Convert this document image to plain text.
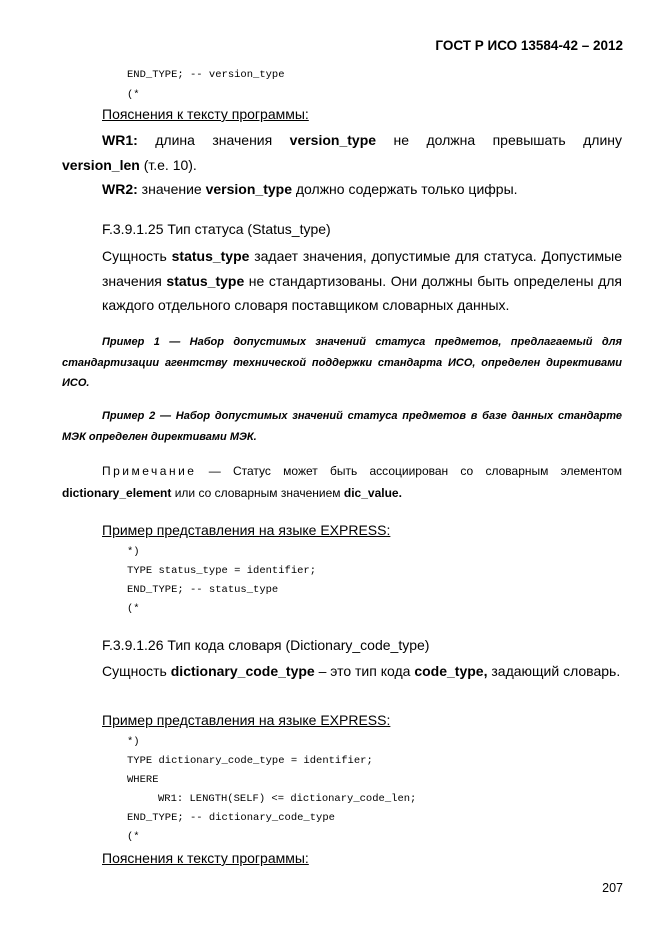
ГОСТ Р ИСО 13584-42 – 2012
END_TYPE; -- version_type
(*
Пояснения к тексту программы:
WR1: длина значения version_type не должна превышать длину
version_len (т.е. 10).
WR2: значение version_type должно содержать только цифры.
F.3.9.1.25 Тип статуса (Status_type)
Сущность status_type задает значения, допустимые для статуса. Допустимые значения status_type не стандартизованы. Они должны быть определены для каждого отдельного словаря поставщиком словарных данных.
Пример 1 — Набор допустимых значений статуса предметов, предлагаемый для стандартизации агентству технической поддержки стандарта ИСО, определен директивами ИСО.
Пример 2 — Набор допустимых значений статуса предметов в базе данных стандарте МЭК определен директивами МЭК.
Примечание — Статус может быть ассоциирован со словарным элементом dictionary_element или со словарным значением dic_value.
Пример представления на языке EXPRESS:
*)
TYPE status_type = identifier;
END_TYPE; -- status_type
(*
F.3.9.1.26 Тип кода словаря (Dictionary_code_type)
Сущность dictionary_code_type – это тип кода code_type, задающий словарь.
Пример представления на языке EXPRESS:
*)
TYPE dictionary_code_type = identifier;
WHERE
WR1: LENGTH(SELF) <= dictionary_code_len;
END_TYPE; -- dictionary_code_type
(*
Пояснения к тексту программы:
207
